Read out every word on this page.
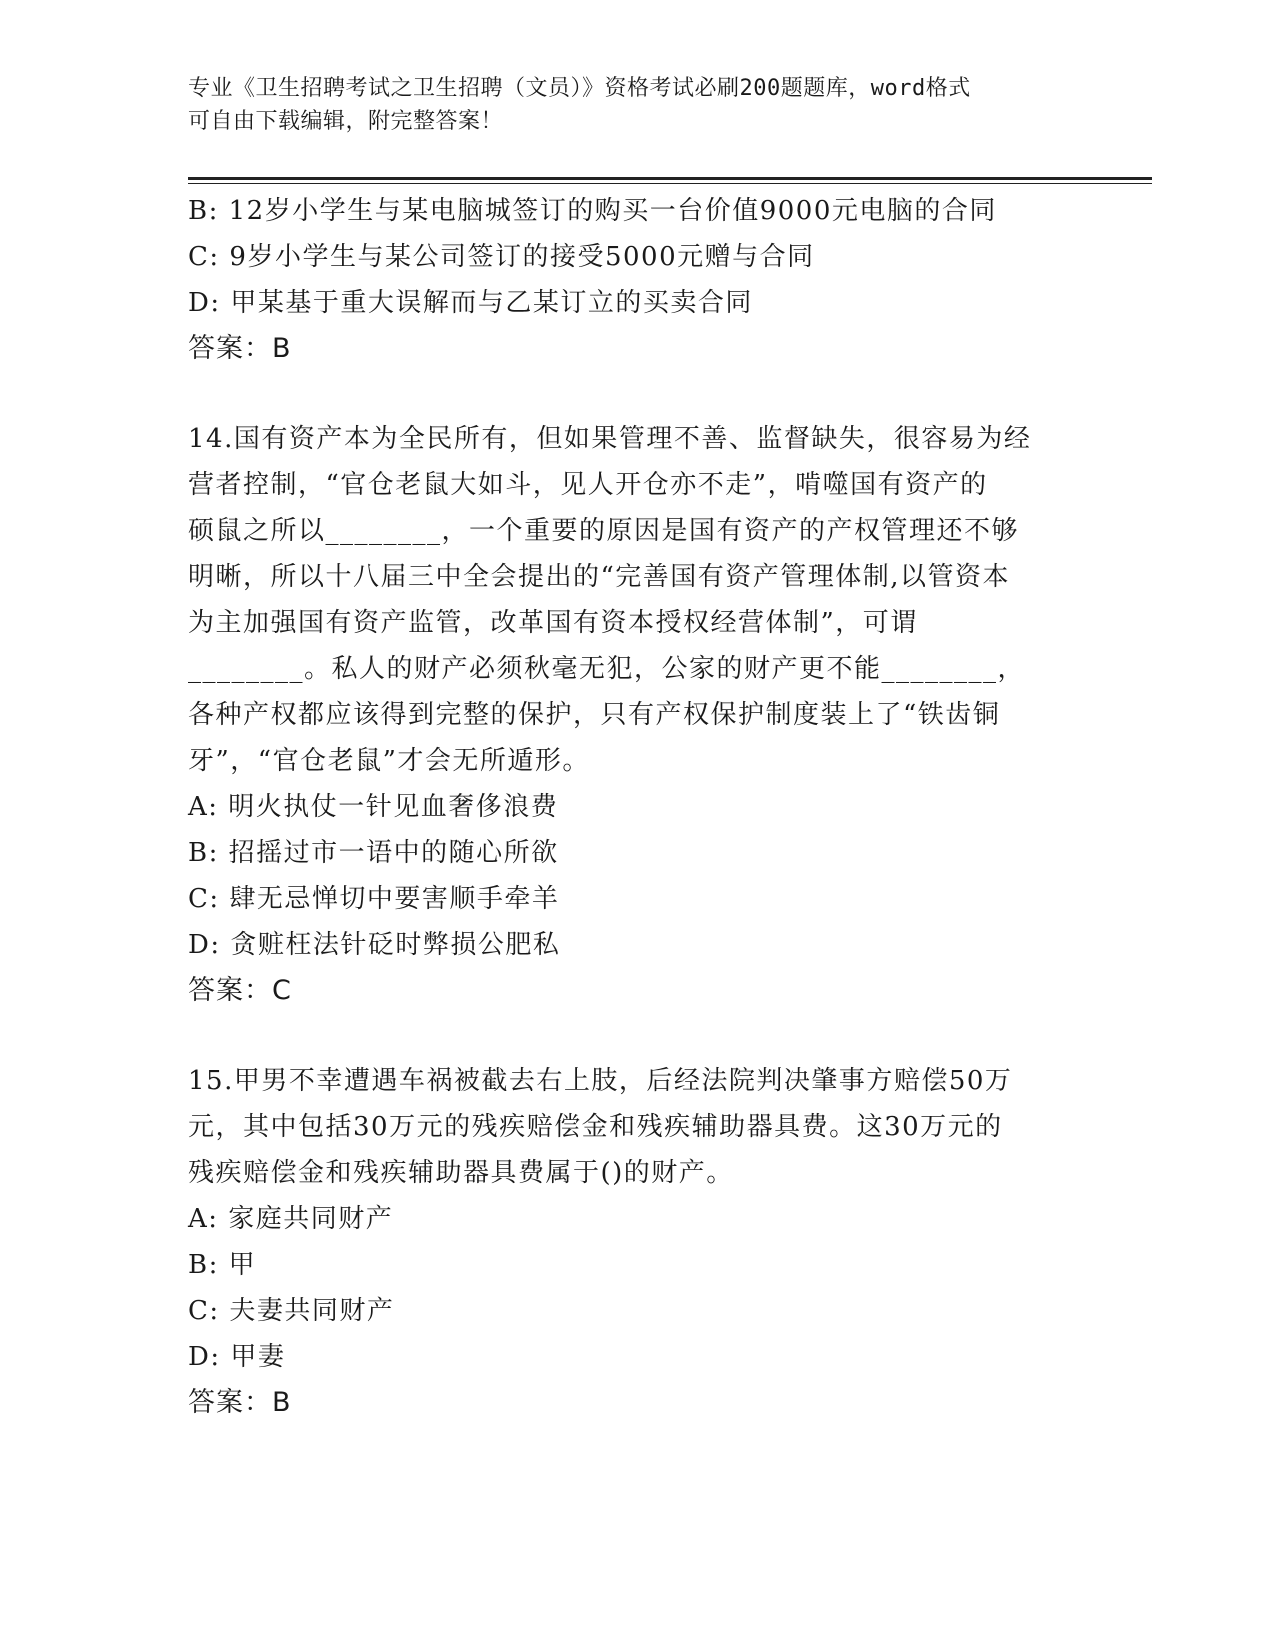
专业《卫生招聘考试之卫生招聘（文员）》资格考试必刷200题题库，word格式
可自由下载编辑，附完整答案！
B: 12岁小学生与某电脑城签订的购买一台价值9000元电脑的合同
C: 9岁小学生与某公司签订的接受5000元赠与合同
D: 甲某基于重大误解而与乙某订立的买卖合同
答案：B
14.国有资产本为全民所有，但如果管理不善、监督缺失，很容易为经
营者控制，“官仓老鼠大如斗，见人开仓亦不走”，啃噬国有资产的
硕鼠之所以________，一个重要的原因是国有资产的产权管理还不够
明晰，所以十八届三中全会提出的“完善国有资产管理体制,以管资本
为主加强国有资产监管，改革国有资本授权经营体制”，可谓
________。私人的财产必须秋毫无犯，公家的财产更不能________，
各种产权都应该得到完整的保护，只有产权保护制度装上了“铁齿铜
牙”，“官仓老鼠”才会无所遁形。
A: 明火执仗一针见血奢侈浪费
B: 招摇过市一语中的随心所欲
C: 肆无忌惮切中要害顺手牵羊
D: 贪赃枉法针砭时弊损公肥私
答案：C
15.甲男不幸遭遇车祸被截去右上肢，后经法院判决肇事方赔偿50万
元，其中包括30万元的残疾赔偿金和残疾辅助器具费。这30万元的
残疾赔偿金和残疾辅助器具费属于()的财产。
A: 家庭共同财产
B: 甲
C: 夫妻共同财产
D: 甲妻
答案：B
